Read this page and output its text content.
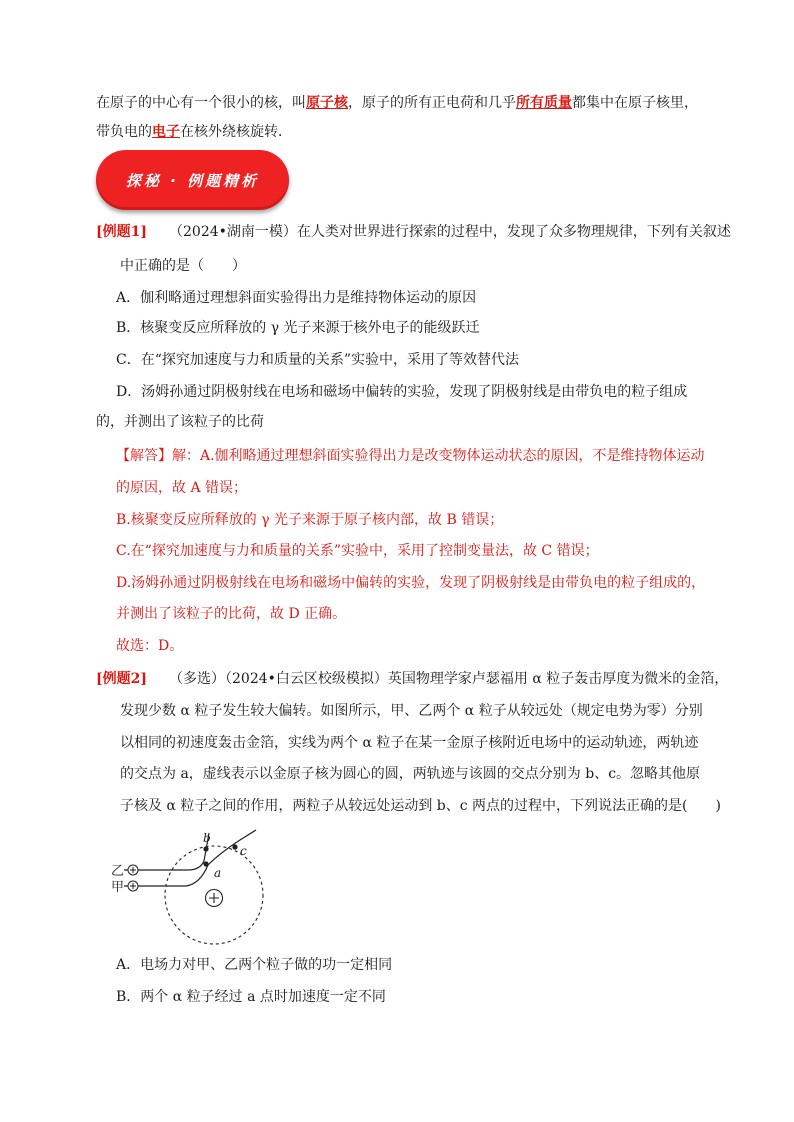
在原子的中心有一个很小的核，叫原子核，原子的所有正电荷和几乎所有质量都集中在原子核里，
带负电的电子在核外绕核旋转．
探秘 · 例题精析
[例题1] （2024•湖南一模）在人类对世界进行探索的过程中，发现了众多物理规律，下列有关叙述
中正确的是（　　）
A．伽利略通过理想斜面实验得出力是维持物体运动的原因
B．核聚变反应所释放的 γ 光子来源于核外电子的能级跃迁
C．在“探究加速度与力和质量的关系”实验中，采用了等效替代法
D．汤姆孙通过阴极射线在电场和磁场中偏转的实验，发现了阴极射线是由带负电的粒子组成
的，并测出了该粒子的比荷
【解答】解：A.伽利略通过理想斜面实验得出力是改变物体运动状态的原因，不是维持物体运动
的原因，故 A 错误；
B.核聚变反应所释放的 γ 光子来源于原子核内部，故 B 错误；
C.在“探究加速度与力和质量的关系”实验中，采用了控制变量法，故 C 错误；
D.汤姆孙通过阴极射线在电场和磁场中偏转的实验，发现了阴极射线是由带负电的粒子组成的，
并测出了该粒子的比荷，故 D 正确。
故选：D。
[例题2] （多选）（2024•白云区校级模拟）英国物理学家卢瑟福用 α 粒子轰击厚度为微米的金箔，
发现少数 α 粒子发生较大偏转。如图所示，甲、乙两个 α 粒子从较远处（规定电势为零）分别
以相同的初速度轰击金箔，实线为两个 α 粒子在某一金原子核附近电场中的运动轨迹，两轨迹
的交点为 a，虚线表示以金原子核为圆心的圆，两轨迹与该圆的交点分别为 b、c。忽略其他原
子核及 α 粒子之间的作用，两粒子从较远处运动到 b、c 两点的过程中，下列说法正确的是(　　)
乙
甲
b
c
a
A．电场力对甲、乙两个粒子做的功一定相同
B．两个 α 粒子经过 a 点时加速度一定不同
